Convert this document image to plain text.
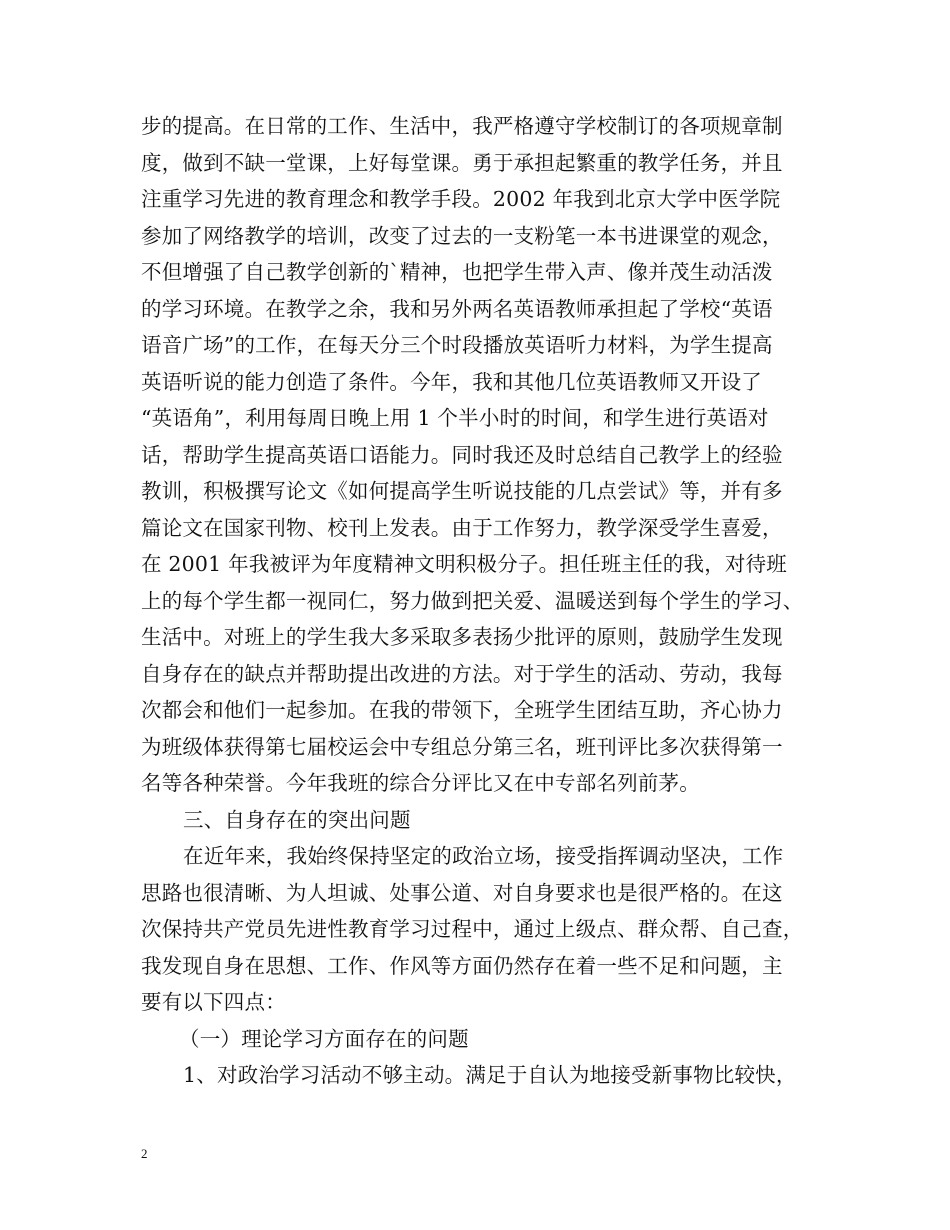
步的提高。在日常的工作、生活中，我严格遵守学校制订的各项规章制
度，做到不缺一堂课，上好每堂课。勇于承担起繁重的教学任务，并且
注重学习先进的教育理念和教学手段。2002 年我到北京大学中医学院
参加了网络教学的培训，改变了过去的一支粉笔一本书进课堂的观念，
不但增强了自己教学创新的`精神，也把学生带入声、像并茂生动活泼
的学习环境。在教学之余，我和另外两名英语教师承担起了学校“英语
语音广场”的工作，在每天分三个时段播放英语听力材料，为学生提高
英语听说的能力创造了条件。今年，我和其他几位英语教师又开设了
“英语角”，利用每周日晚上用 1 个半小时的时间，和学生进行英语对
话，帮助学生提高英语口语能力。同时我还及时总结自己教学上的经验
教训，积极撰写论文《如何提高学生听说技能的几点尝试》等，并有多
篇论文在国家刊物、校刊上发表。由于工作努力，教学深受学生喜爱，
在 2001 年我被评为年度精神文明积极分子。担任班主任的我，对待班
上的每个学生都一视同仁，努力做到把关爱、温暖送到每个学生的学习、
生活中。对班上的学生我大多采取多表扬少批评的原则，鼓励学生发现
自身存在的缺点并帮助提出改进的方法。对于学生的活动、劳动，我每
次都会和他们一起参加。在我的带领下，全班学生团结互助，齐心协力
为班级体获得第七届校运会中专组总分第三名，班刊评比多次获得第一
名等各种荣誉。今年我班的综合分评比又在中专部名列前茅。
三、自身存在的突出问题
在近年来，我始终保持坚定的政治立场，接受指挥调动坚决，工作
思路也很清晰、为人坦诚、处事公道、对自身要求也是很严格的。在这
次保持共产党员先进性教育学习过程中，通过上级点、群众帮、自己查，
我发现自身在思想、工作、作风等方面仍然存在着一些不足和问题，主
要有以下四点：
（一）理论学习方面存在的问题
1、对政治学习活动不够主动。满足于自认为地接受新事物比较快，
2
